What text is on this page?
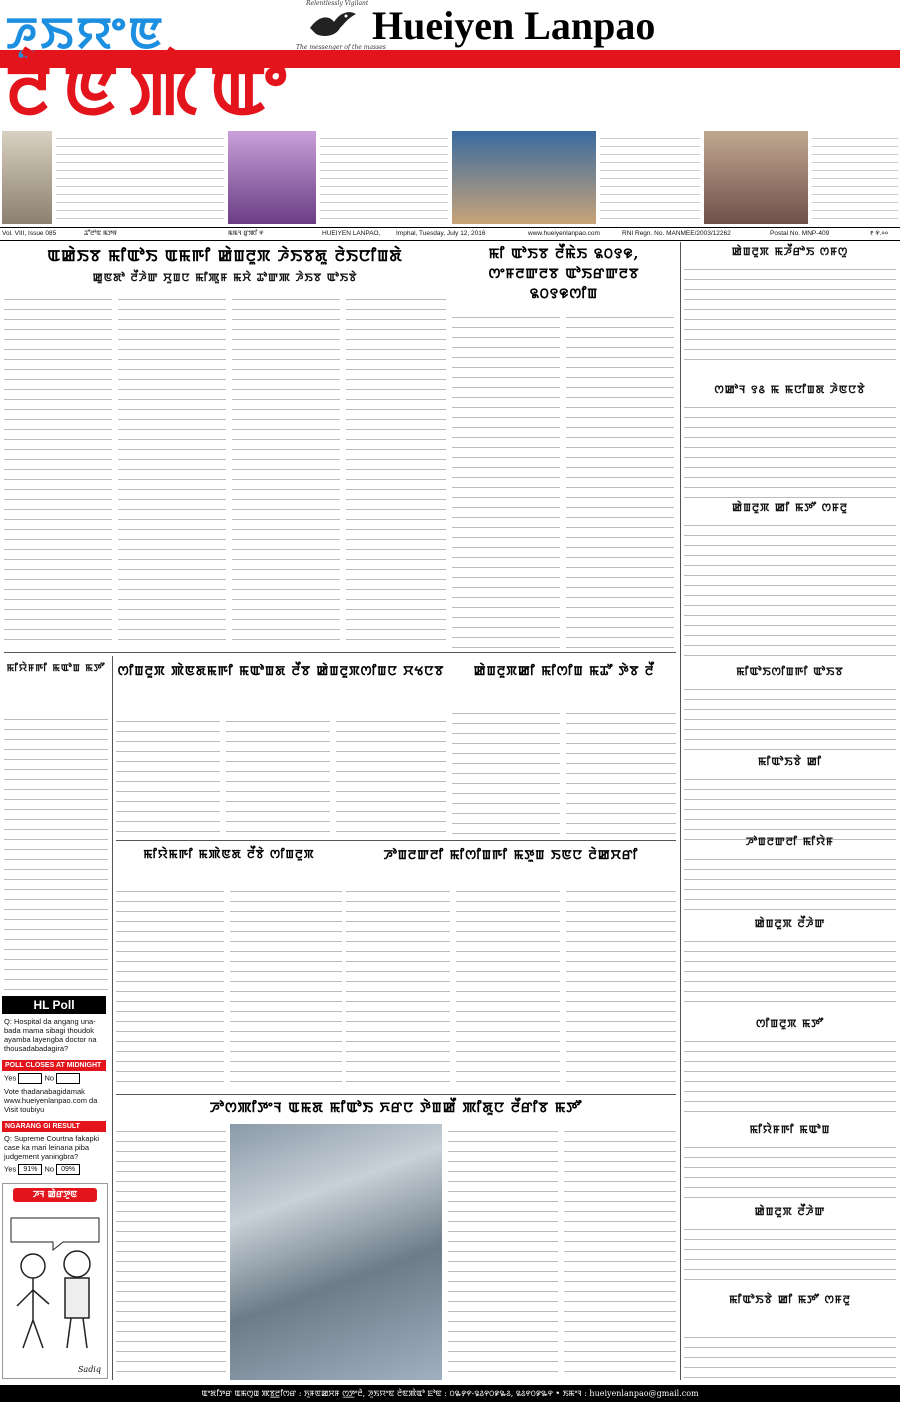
ꯍꯨꯏꯌꯦꯟ
ꯂꯥꯟꯄꯥꯑꯣ
Relentlessly Vigilant
The messenger of the masses
Hueiyen Lanpao
Vol. VIII, Issue 085	ꯊꯧꯂꯣꯟ ꯃꯇꯝ	ꯃꯃꯜ ꯔꯨꯄꯤ ꯵	HUEIYEN LANPAO, Imphal, Tuesday, July 12, 2016	www.hueiyenlanpao.com	RNI Regn. No. MANMEE/2003/12262	Postal No. MNP-409	₹ ꯵.००
ꯑꯀꯥꯏꯕ ꯃꯤꯑꯣꯏ ꯑꯃꯒꯤ ꯀꯥꯡꯂꯨꯞ ꯍꯥꯏꯕꯗꯨ ꯂꯥꯏꯅꯤꯡꯗꯥ
ꯀꯨꯟꯗꯣ ꯂꯩꯍꯥꯛ ꯆꯨꯡꯅ ꯃꯤꯄꯨꯝ ꯃꯆꯥ ꯊꯣꯛꯄ ꯍꯥꯏꯕ ꯑꯣꯏꯕꯥ
ꯃꯤ ꯑꯣꯏꯕ ꯂꯩꯃꯥꯏ ꯲꯰꯱꯶, ꯁꯦꯝꯂꯛꯂꯕ ꯑꯣꯏꯔꯛꯂꯕ ꯲꯰꯱꯶ꯁꯤꯡ
ꯀꯥꯡꯂꯨꯞ ꯃꯍꯩꯔꯣꯏ ꯁꯝꯁꯨ
ꯁꯀꯣꯜ ꯱꯴ ꯃ ꯃꯅꯤꯡꯗ ꯍꯥꯟꯅꯕꯥ
ꯀꯥꯡꯂꯨꯞ ꯀꯤ ꯃꯇꯧ ꯁꯝꯂꯨ
ꯃꯤꯑꯣꯏꯁꯤꯡꯒꯤ ꯑꯣꯏꯕ
ꯃꯤꯑꯣꯏꯕꯥ ꯀꯤ
ꯍꯣꯡꯂꯛꯂꯤ ꯃꯤꯌꯥꯝ
ꯀꯥꯡꯂꯨꯞ ꯂꯩꯍꯥꯛ
ꯁꯤꯡꯂꯨꯞ ꯃꯇꯧ
ꯃꯤꯌꯥꯝꯒꯤ ꯃꯑꯣꯡ
ꯀꯥꯡꯂꯨꯞ ꯂꯩꯍꯥꯛ
ꯃꯤꯑꯣꯏꯕꯥ ꯀꯤ ꯃꯇꯧ ꯁꯝꯂꯨ
ꯃꯤꯌꯥꯝꯒꯤ ꯃꯑꯣꯡ ꯃꯇꯧ ꯁꯤꯡꯂꯨꯞ ꯄꯥꯟꯗꯃꯒꯤ ꯃꯑꯣꯡꯗ ꯂꯩꯕ ꯀꯥꯡꯂꯨꯞꯁꯤꯡꯅ ꯆꯠꯅꯕ	ꯀꯥꯡꯂꯨꯞꯀꯤ ꯃꯤꯁꯤꯡ ꯃꯊꯧ ꯇꯥꯕ ꯂꯩ
ꯃꯤꯌꯥꯃꯒꯤ ꯃꯄꯥꯟꯗ ꯂꯩꯕꯥ ꯁꯤꯡꯂꯨꯞ	ꯍꯣꯡꯂꯛꯂꯤ ꯃꯤꯁꯤꯡꯒꯤ ꯃꯇꯨꯡ ꯏꯟꯅ ꯂꯥꯀꯆꯔꯤ
ꯍꯣꯁꯄꯤꯇꯦꯜ ꯑꯃꯗ ꯃꯤꯑꯣꯏ ꯈꯔꯅ ꯇꯥꯡꯀꯩ ꯄꯤꯗꯨꯅ ꯂꯩꯔꯤꯕ ꯃꯇꯧ
HL Poll
Q: Hospital da angang una-bada mama sibagi thoudok ayamba layengba doctor na thousadabadagira?
POLL CLOSES AT MIDNIGHT
Yes	No
Vote thadanabagidamak www.hueiyenlanpao.com da Visit toubiyu
NGARANG GI RESULT
Q: Supreme Courtna fakapki case ka mari leinana piba judgement yaningbra?
Yes 91% No 09%
ꯍꯜ ꯀꯥꯔꯇꯨꯟ
Sadiq
ꯑꯦꯗꯤꯇꯔ ꯑꯃꯁꯨꯡ ꯄꯕ꯭ꯂꯤꯁꯔ : ꯈꯨꯝꯟꯀꯆꯝ ꯁ꯭ꯇꯦꯂꯥ, ꯍꯨꯏꯌꯦꯟ ꯂꯥꯟꯄꯥꯑꯣ ꯐꯣꯟ : ꯰꯳꯸꯵-꯲꯴꯵꯰꯹꯳꯴, ꯲꯴꯵꯰꯹꯳꯵ • ꯏꯃꯦꯜ : hueiyenlanpao@gmail.com
